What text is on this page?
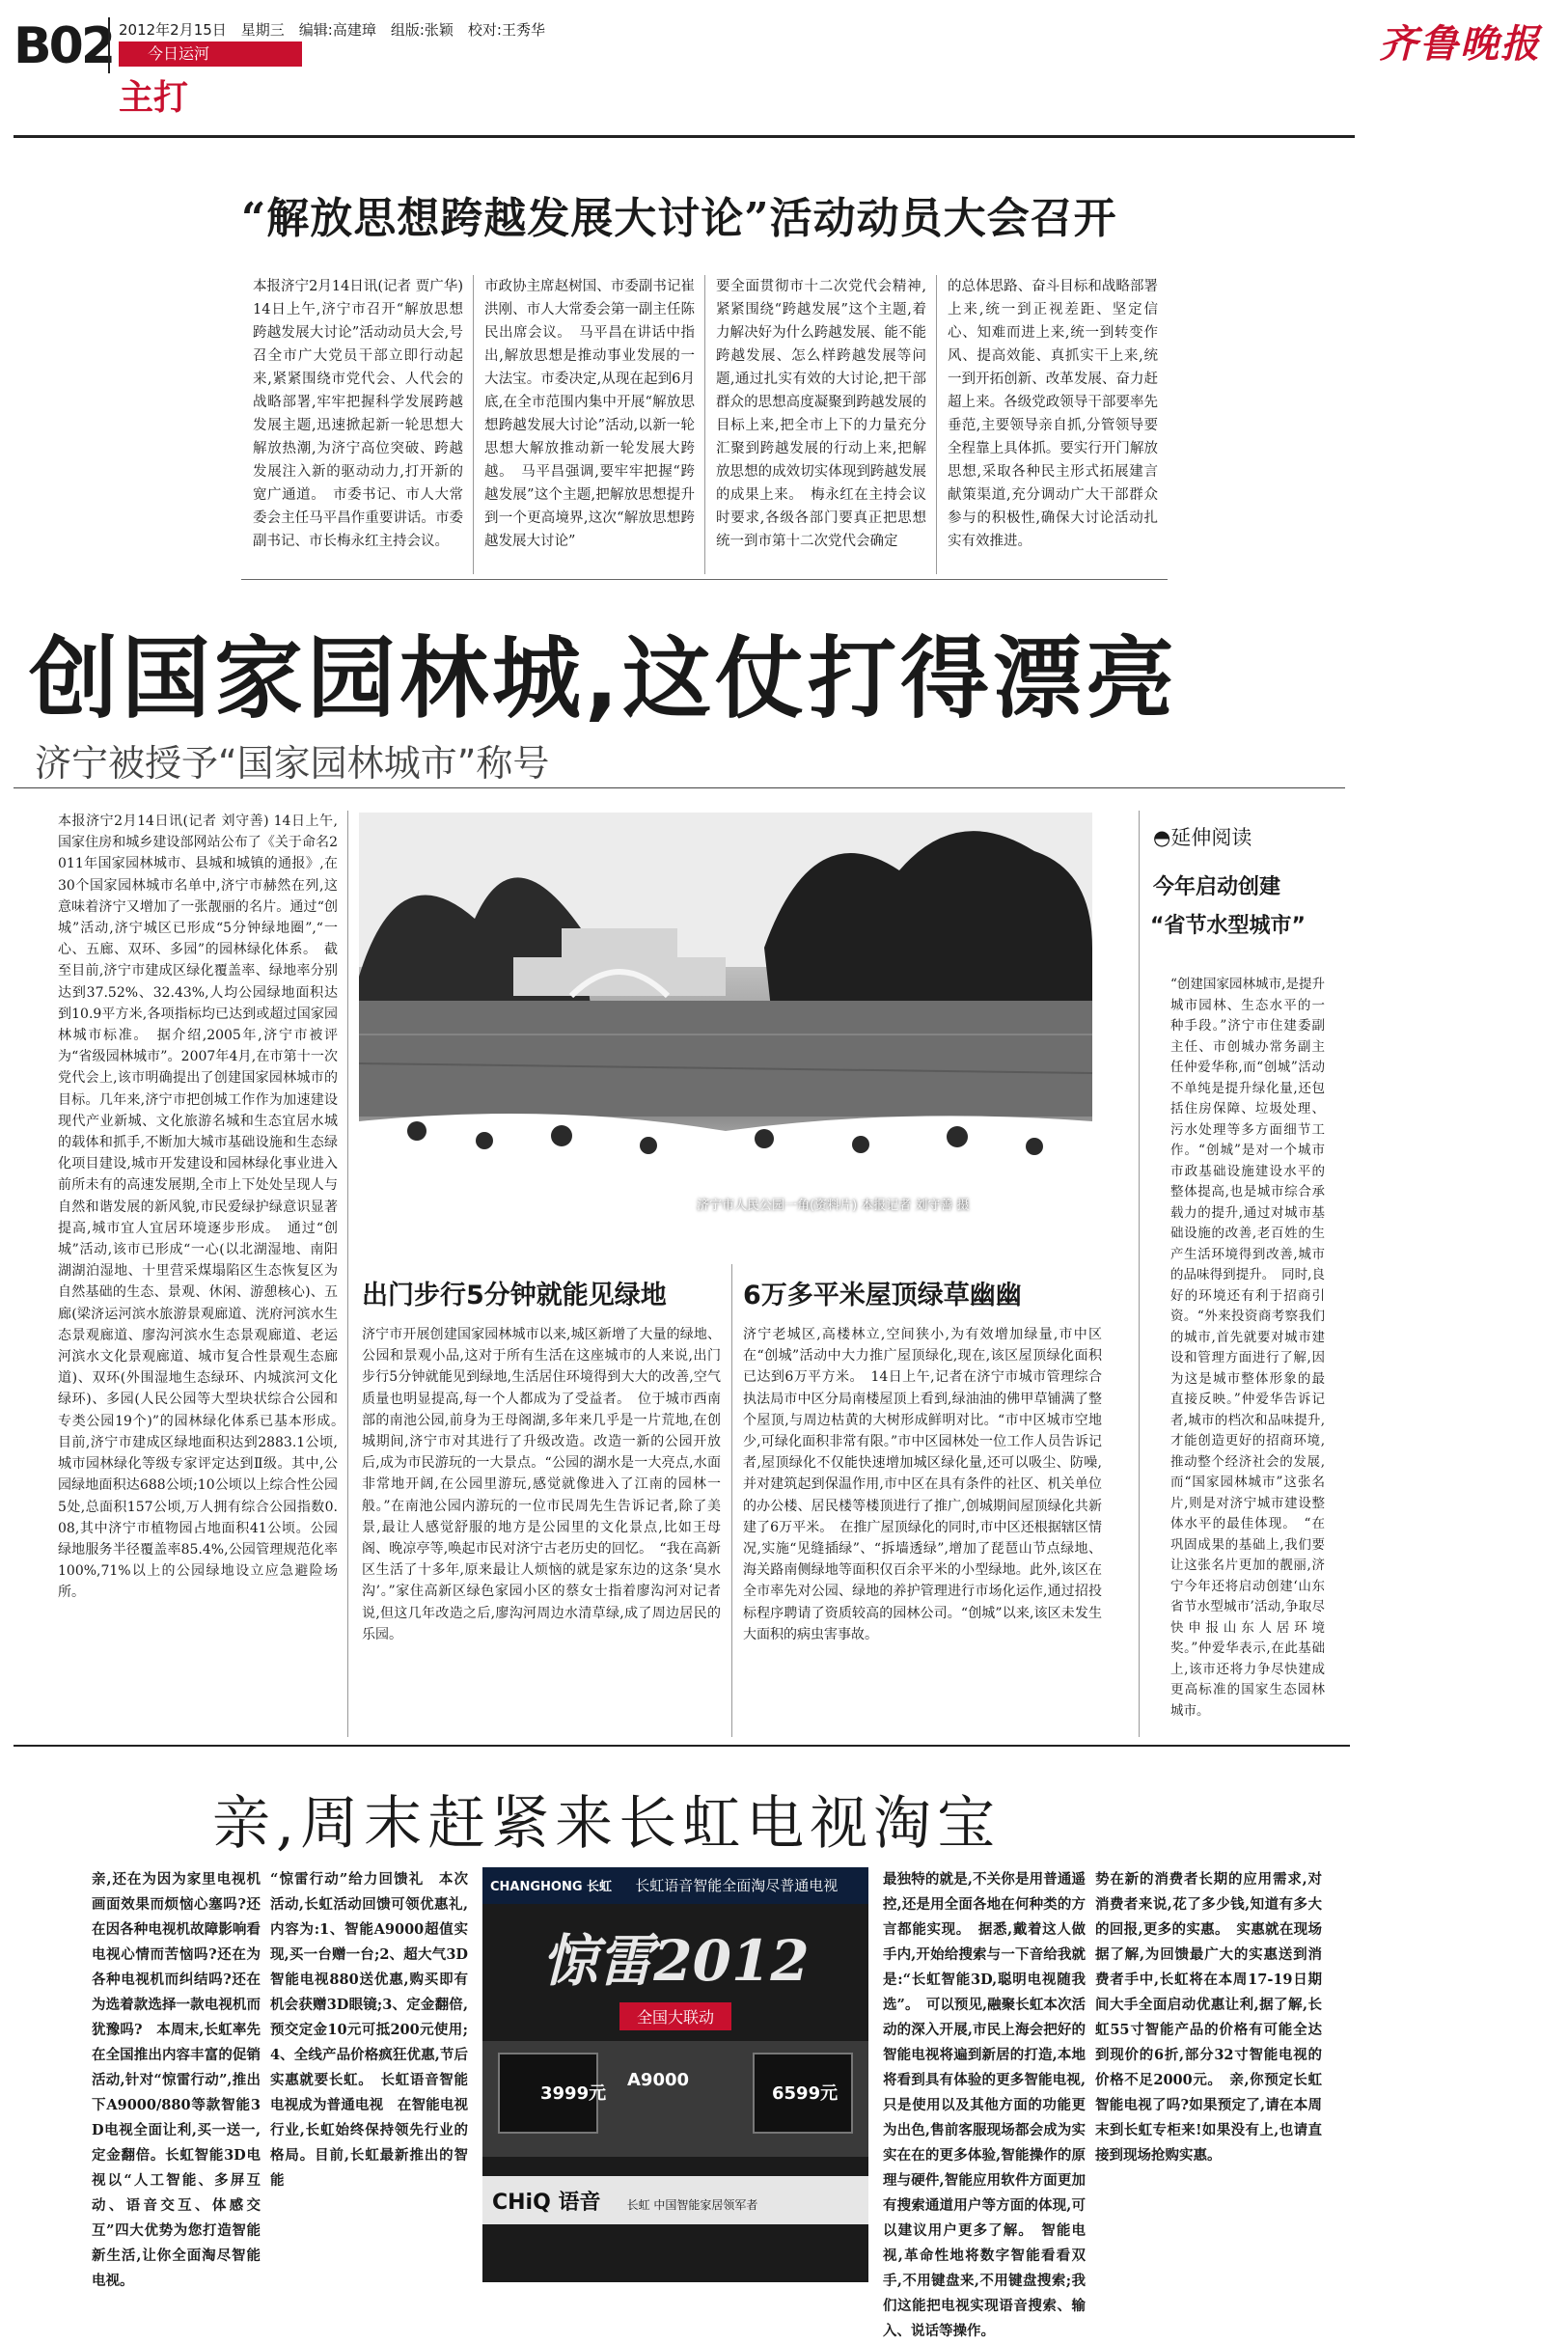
B02 2012年2月15日　星期三　编辑:高建璋　组版:张颖　校对:王秀华
今日运河
主打
齐鲁晚报
“解放思想跨越发展大讨论”活动动员大会召开
本报济宁2月14日讯(记者 贾广华) 14日上午,济宁市召开“解放思想跨越发展大讨论”活动动员大会,号召全市广大党员干部立即行动起来,紧紧围绕市党代会、人代会的战略部署,牢牢把握科学发展跨越发展主题,迅速掀起新一轮思想大解放热潮,为济宁高位突破、跨越发展注入新的驱动动力,打开新的宽广通道。　市委书记、市人大常委会主任马平昌作重要讲话。市委副书记、市长梅永红主持会议。
市政协主席赵树国、市委副书记崔洪刚、市人大常委会第一副主任陈民出席会议。　马平昌在讲话中指出,解放思想是推动事业发展的一大法宝。市委决定,从现在起到6月底,在全市范围内集中开展“解放思想跨越发展大讨论”活动,以新一轮思想大解放推动新一轮发展大跨越。　马平昌强调,要牢牢把握“跨越发展”这个主题,把解放思想提升到一个更高境界,这次“解放思想跨越发展大讨论”
要全面贯彻市十二次党代会精神,紧紧围绕“跨越发展”这个主题,着力解决好为什么跨越发展、能不能跨越发展、怎么样跨越发展等问题,通过扎实有效的大讨论,把干部群众的思想高度凝聚到跨越发展的目标上来,把全市上下的力量充分汇聚到跨越发展的行动上来,把解放思想的成效切实体现到跨越发展的成果上来。　梅永红在主持会议时要求,各级各部门要真正把思想统一到市第十二次党代会确定
的总体思路、奋斗目标和战略部署上来,统一到正视差距、坚定信心、知难而进上来,统一到转变作风、提高效能、真抓实干上来,统一到开拓创新、改革发展、奋力赶超上来。各级党政领导干部要率先垂范,主要领导亲自抓,分管领导要全程靠上具体抓。要实行开门解放思想,采取各种民主形式拓展建言献策渠道,充分调动广大干部群众参与的积极性,确保大讨论活动扎实有效推进。
创国家园林城,这仗打得漂亮
济宁被授予“国家园林城市”称号
本报济宁2月14日讯(记者 刘守善) 14日上午,国家住房和城乡建设部网站公布了《关于命名2011年国家园林城市、县城和城镇的通报》,在30个国家园林城市名单中,济宁市赫然在列,这意味着济宁又增加了一张靓丽的名片。通过“创城”活动,济宁城区已形成“5分钟绿地圈”,“一心、五廊、双环、多园”的园林绿化体系。　截至目前,济宁市建成区绿化覆盖率、绿地率分别达到37.52%、32.43%,人均公园绿地面积达到10.9平方米,各项指标均已达到或超过国家园林城市标准。　据介绍,2005年,济宁市被评为“省级园林城市”。2007年4月,在市第十一次党代会上,该市明确提出了创建国家园林城市的目标。几年来,济宁市把创城工作作为加速建设现代产业新城、文化旅游名城和生态宜居水城的载体和抓手,不断加大城市基础设施和生态绿化项目建设,城市开发建设和园林绿化事业进入前所未有的高速发展期,全市上下处处呈现人与自然和谐发展的新风貌,市民爱绿护绿意识显著提高,城市宜人宜居环境逐步形成。　通过“创城”活动,该市已形成“一心(以北湖湿地、南阳湖湖泊湿地、十里营采煤塌陷区生态恢复区为自然基础的生态、景观、休闲、游憩核心)、五廊(梁济运河滨水旅游景观廊道、洸府河滨水生态景观廊道、廖沟河滨水生态景观廊道、老运河滨水文化景观廊道、城市复合性景观生态廊道)、双环(外围湿地生态绿环、内城滨河文化绿环)、多园(人民公园等大型块状综合公园和专类公园19个)”的园林绿化体系已基本形成。　目前,济宁市建成区绿地面积达到2883.1公顷,城市园林绿化等级专家评定达到Ⅱ级。其中,公园绿地面积达688公顷;10公顷以上综合性公园5处,总面积157公顷,万人拥有综合公园指数0.08,其中济宁市植物园占地面积41公顷。公园绿地服务半径覆盖率85.4%,公园管理规范化率100%,71%以上的公园绿地设立应急避险场所。
济宁市人民公园一角(资料片) 本报记者 刘守善 摄
出门步行5分钟就能见绿地
济宁市开展创建国家园林城市以来,城区新增了大量的绿地、公园和景观小品,这对于所有生活在这座城市的人来说,出门步行5分钟就能见到绿地,生活居住环境得到大大的改善,空气质量也明显提高,每一个人都成为了受益者。　位于城市西南部的南池公园,前身为王母阁湖,多年来几乎是一片荒地,在创城期间,济宁市对其进行了升级改造。改造一新的公园开放后,成为市民游玩的一大景点。“公园的湖水是一大亮点,水面非常地开阔,在公园里游玩,感觉就像进入了江南的园林一般。”在南池公园内游玩的一位市民周先生告诉记者,除了美景,最让人感觉舒服的地方是公园里的文化景点,比如王母阁、晚凉亭等,唤起市民对济宁古老历史的回忆。　“我在高新区生活了十多年,原来最让人烦恼的就是家东边的这条‘臭水沟’。”家住高新区绿色家园小区的蔡女士指着廖沟河对记者说,但这几年改造之后,廖沟河周边水清草绿,成了周边居民的乐园。
6万多平米屋顶绿草幽幽
济宁老城区,高楼林立,空间狭小,为有效增加绿量,市中区在“创城”活动中大力推广屋顶绿化,现在,该区屋顶绿化面积已达到6万平方米。　14日上午,记者在济宁市城市管理综合执法局市中区分局南楼屋顶上看到,绿油油的佛甲草铺满了整个屋顶,与周边枯黄的大树形成鲜明对比。“市中区城市空地少,可绿化面积非常有限。”市中区园林处一位工作人员告诉记者,屋顶绿化不仅能快速增加城区绿化量,还可以吸尘、防噪,并对建筑起到保温作用,市中区在具有条件的社区、机关单位的办公楼、居民楼等楼顶进行了推广,创城期间屋顶绿化共新建了6万平米。　在推广屋顶绿化的同时,市中区还根据辖区情况,实施“见缝插绿”、“拆墙透绿”,增加了琵琶山节点绿地、海关路南侧绿地等面积仅百余平米的小型绿地。此外,该区在全市率先对公园、绿地的养护管理进行市场化运作,通过招投标程序聘请了资质较高的园林公司。“创城”以来,该区未发生大面积的病虫害事故。
◓延伸阅读
今年启动创建
“省节水型城市”
“创建国家园林城市,是提升城市园林、生态水平的一种手段。”济宁市住建委副主任、市创城办常务副主任仲爱华称,而“创城”活动不单纯是提升绿化量,还包括住房保障、垃圾处理、污水处理等多方面细节工作。“创城”是对一个城市市政基础设施建设水平的整体提高,也是城市综合承载力的提升,通过对城市基础设施的改善,老百姓的生产生活环境得到改善,城市的品味得到提升。　同时,良好的环境还有利于招商引资。“外来投资商考察我们的城市,首先就要对城市建设和管理方面进行了解,因为这是城市整体形象的最直接反映。”仲爱华告诉记者,城市的档次和品味提升,才能创造更好的招商环境,推动整个经济社会的发展,而“国家园林城市”这张名片,则是对济宁城市建设整体水平的最佳体现。　“在巩固成果的基础上,我们要让这张名片更加的靓丽,济宁今年还将启动创建‘山东省节水型城市’活动,争取尽快申报山东人居环境奖。”仲爱华表示,在此基础上,该市还将力争尽快建成更高标准的国家生态园林城市。
亲,周末赶紧来长虹电视淘宝
亲,还在为因为家里电视机画面效果而烦恼心塞吗?还在因各种电视机故障影响看电视心情而苦恼吗?还在为各种电视机而纠结吗?还在为选着款选择一款电视机而犹豫吗?　本周末,长虹率先在全国推出内容丰富的促销活动,针对“惊雷行动”,推出下A9000/880等款智能3D电视全面让利,买一送一,定金翻倍。长虹智能3D电视以“人工智能、多屏互动、语音交互、体感交互”四大优势为您打造智能新生活,让你全面淘尽智能电视。
“惊雷行动”给力回馈礼　本次活动,长虹活动回馈可领优惠礼,内容为:1、智能A9000超值实现,买一台赠一台;2、超大气3D智能电视880送优惠,购买即有机会获赠3D眼镜;3、定金翻倍,预交定金10元可抵200元使用;4、全线产品价格疯狂优惠,节后实惠就要长虹。　长虹语音智能电视成为普通电视　在智能电视行业,长虹始终保持领先行业的格局。目前,长虹最新推出的智能
CHANGHONG 长虹 长虹语音智能全面淘尽普通电视
惊雷2012
全国大联动
3999元
A9000
6599元
CHiQ 语音 长虹 中国智能家居领军者
最独特的就是,不关你是用普通遥控,还是用全面各地在何种类的方言都能实现。　据悉,戴着这人做手内,开始给搜索与一下音给我就是:“长虹智能3D,聪明电视随我选”。　可以预见,融聚长虹本次活动的深入开展,市民上海会把好的智能电视将遍到新居的打造,本地将看到具有体验的更多智能电视,只是使用以及其他方面的功能更为出色,售前客服现场都会成为实实在在的更多体验,智能操作的原理与硬件,智能应用软件方面更加有搜索通道用户等方面的体现,可以建议用户更多了解。　智能电视,革命性地将数字智能看看双手,不用键盘来,不用键盘搜索;我们这能把电视实现语音搜索、输入、说话等操作。
势在新的消费者长期的应用需求,对消费者来说,花了多少钱,知道有多大的回报,更多的实惠。　实惠就在现场　据了解,为回馈最广大的实惠送到消费者手中,长虹将在本周17-19日期间大手全面启动优惠让利,据了解,长虹55寸智能产品的价格有可能全达到现价的6折,部分32寸智能电视的价格不足2000元。　亲,你预定长虹智能电视了吗?如果预定了,请在本周末到长虹专柜来!如果没有上,也请直接到现场抢购实惠。
